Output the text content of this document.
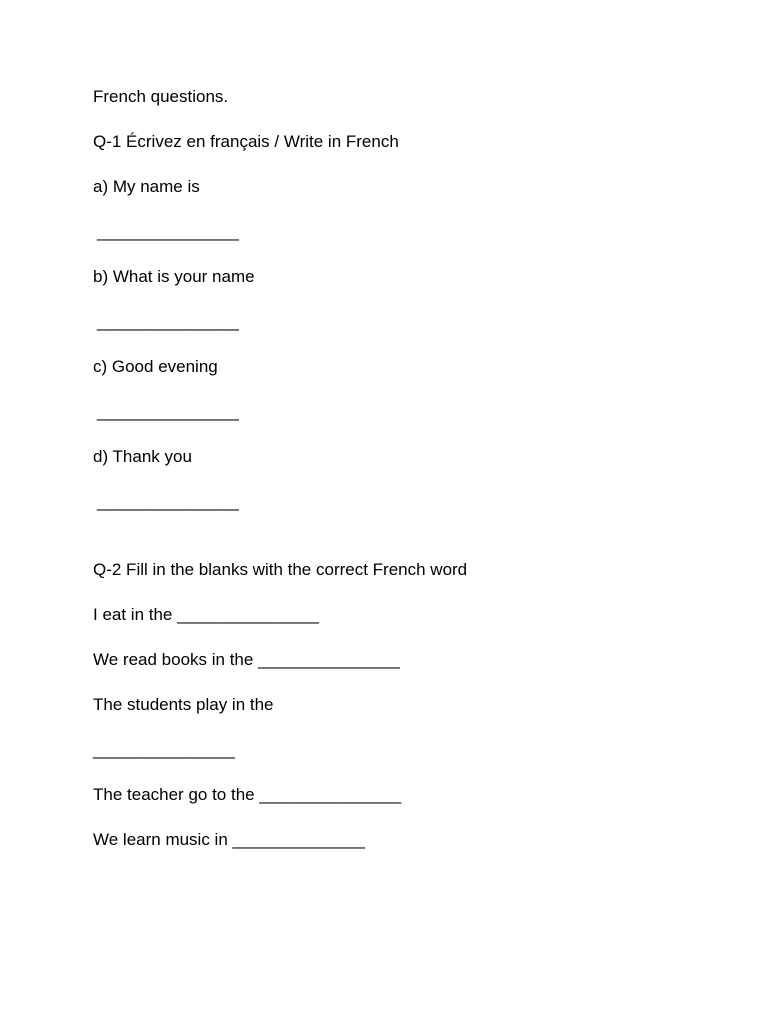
French questions.
Q-1 Écrivez en français / Write in French
a) My name is
_______________
b) What is your name
_______________
c) Good evening
_______________
d) Thank you
_______________
Q-2 Fill in the blanks with the correct French word
I eat in the _______________
We read books in the _______________
The students play in the
_______________
The teacher go to the _______________
We learn music in ______________
